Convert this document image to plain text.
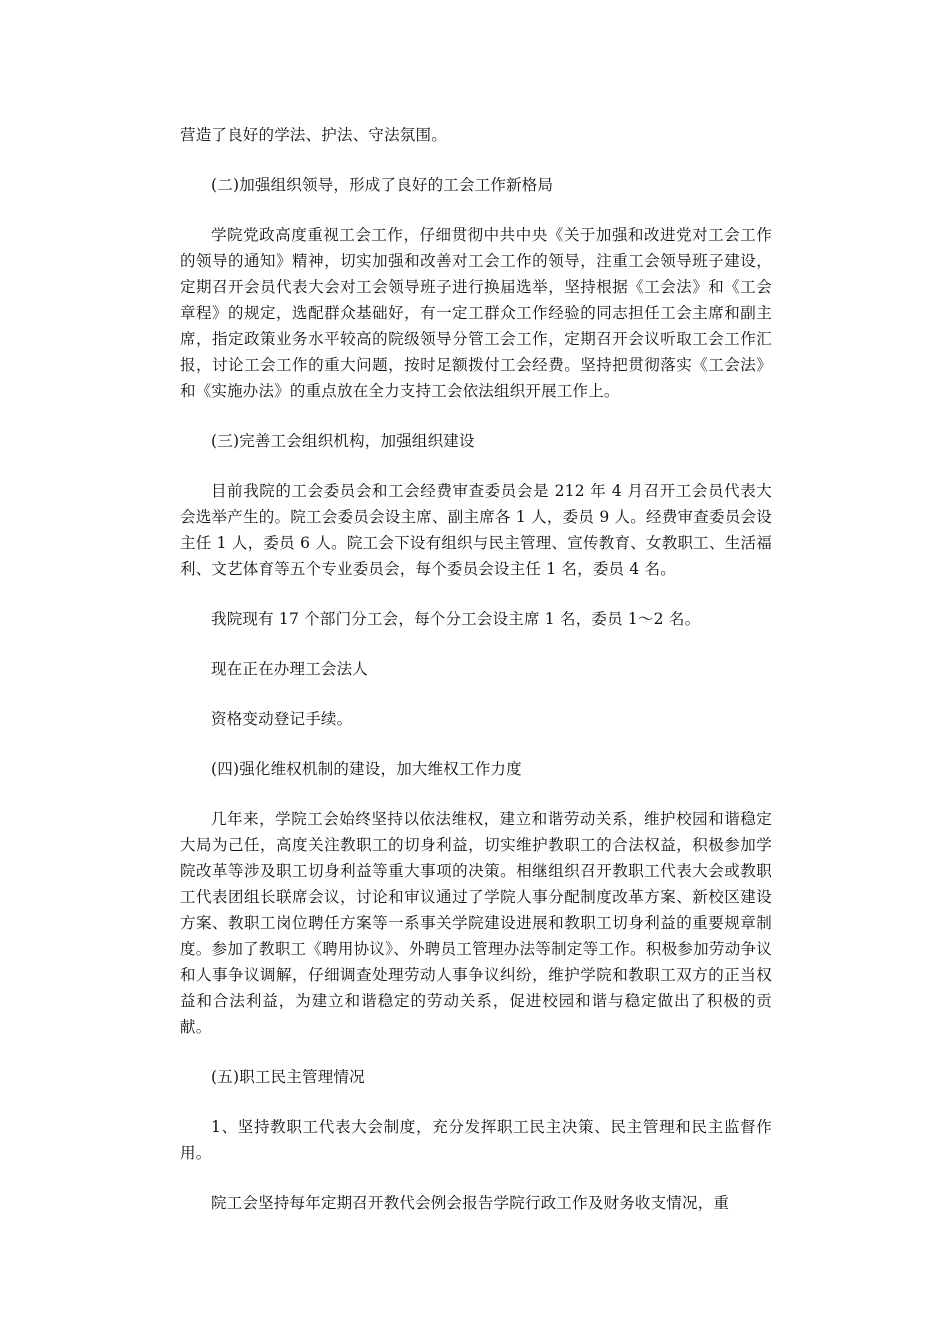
营造了良好的学法、护法、守法氛围。

(二)加强组织领导，形成了良好的工会工作新格局

学院党政高度重视工会工作，仔细贯彻中共中央《关于加强和改进党对工会工作的领导的通知》精神，切实加强和改善对工会工作的领导，注重工会领导班子建设，定期召开会员代表大会对工会领导班子进行换届选举，坚持根据《工会法》和《工会章程》的规定，选配群众基础好，有一定工群众工作经验的同志担任工会主席和副主席，指定政策业务水平较高的院级领导分管工会工作，定期召开会议听取工会工作汇报，讨论工会工作的重大问题，按时足额拨付工会经费。坚持把贯彻落实《工会法》和《实施办法》的重点放在全力支持工会依法组织开展工作上。

(三)完善工会组织机构，加强组织建设

目前我院的工会委员会和工会经费审查委员会是 212 年 4 月召开工会员代表大会选举产生的。院工会委员会设主席、副主席各 1 人，委员 9 人。经费审查委员会设主任 1 人，委员 6 人。院工会下设有组织与民主管理、宣传教育、女教职工、生活福利、文艺体育等五个专业委员会，每个委员会设主任 1 名，委员 4 名。

我院现有 17 个部门分工会，每个分工会设主席 1 名，委员 1～2 名。

现在正在办理工会法人

资格变动登记手续。

(四)强化维权机制的建设，加大维权工作力度

几年来，学院工会始终坚持以依法维权，建立和谐劳动关系，维护校园和谐稳定大局为己任，高度关注教职工的切身利益，切实维护教职工的合法权益，积极参加学院改革等涉及职工切身利益等重大事项的决策。相继组织召开教职工代表大会或教职工代表团组长联席会议，讨论和审议通过了学院人事分配制度改革方案、新校区建设方案、教职工岗位聘任方案等一系事关学院建设进展和教职工切身利益的重要规章制度。参加了教职工《聘用协议》、外聘员工管理办法等制定等工作。积极参加劳动争议和人事争议调解，仔细调查处理劳动人事争议纠纷，维护学院和教职工双方的正当权益和合法利益，为建立和谐稳定的劳动关系，促进校园和谐与稳定做出了积极的贡献。

(五)职工民主管理情况

1、坚持教职工代表大会制度，充分发挥职工民主决策、民主管理和民主监督作用。

院工会坚持每年定期召开教代会例会报告学院行政工作及财务收支情况，重
